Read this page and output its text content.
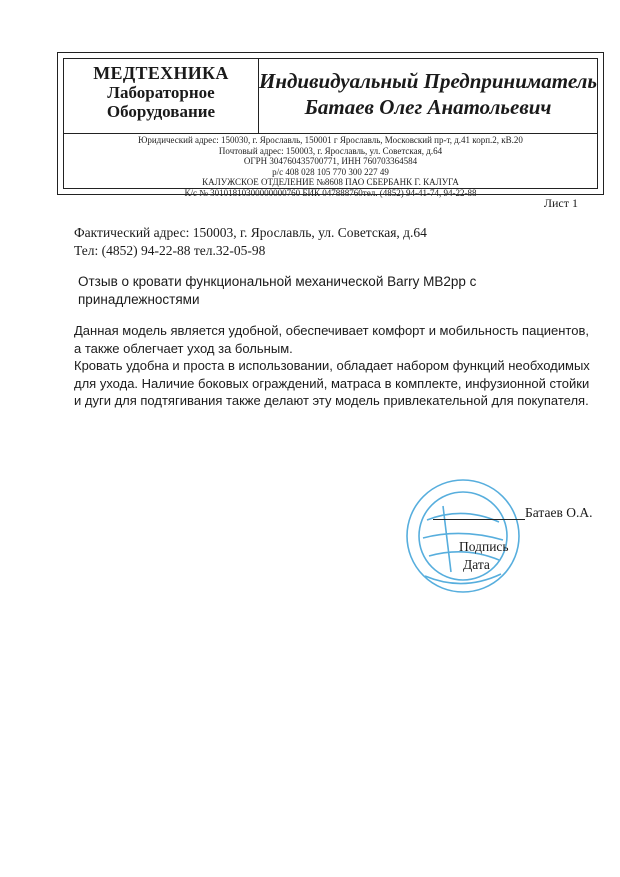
МЕДТЕХНИКА
Лабораторное
Оборудование
Индивидуальный Предприниматель
Батаев Олег Анатольевич
Юридический адрес: 150030, г. Ярославль, 150001 г Ярославль, Московский пр-т, д.41 корп.2, кВ.20
Почтовый адрес: 150003, г. Ярославль, ул. Советская, д.64
ОГРН 304760435700771, ИНН 760703364584
р/с 408 028 105 770 300 227 49
КАЛУЖСКОЕ ОТДЕЛЕНИЕ №8608 ПАО СБЕРБАНК Г. КАЛУГА
К/с № 30101810300000000760 БИК 047888760тел. (4852) 94-41-74, 94-22-88
Лист 1
Фактический адрес: 150003, г. Ярославль, ул. Советская, д.64
Тел: (4852) 94-22-88 тел.32-05-98
Отзыв о кровати функциональной механической Barry MB2pp с принадлежностями

Данная модель является удобной, обеспечивает комфорт и мобильность пациентов, а также облегчает уход за больным.

Кровать удобна и проста в использовании, обладает набором функций необходимых для ухода. Наличие боковых ограждений, матраса в комплекте, инфузионной стойки и дуги для подтягивания также делают эту модель привлекательной для покупателя.

Батаев О.А.
Подпись
Дата
